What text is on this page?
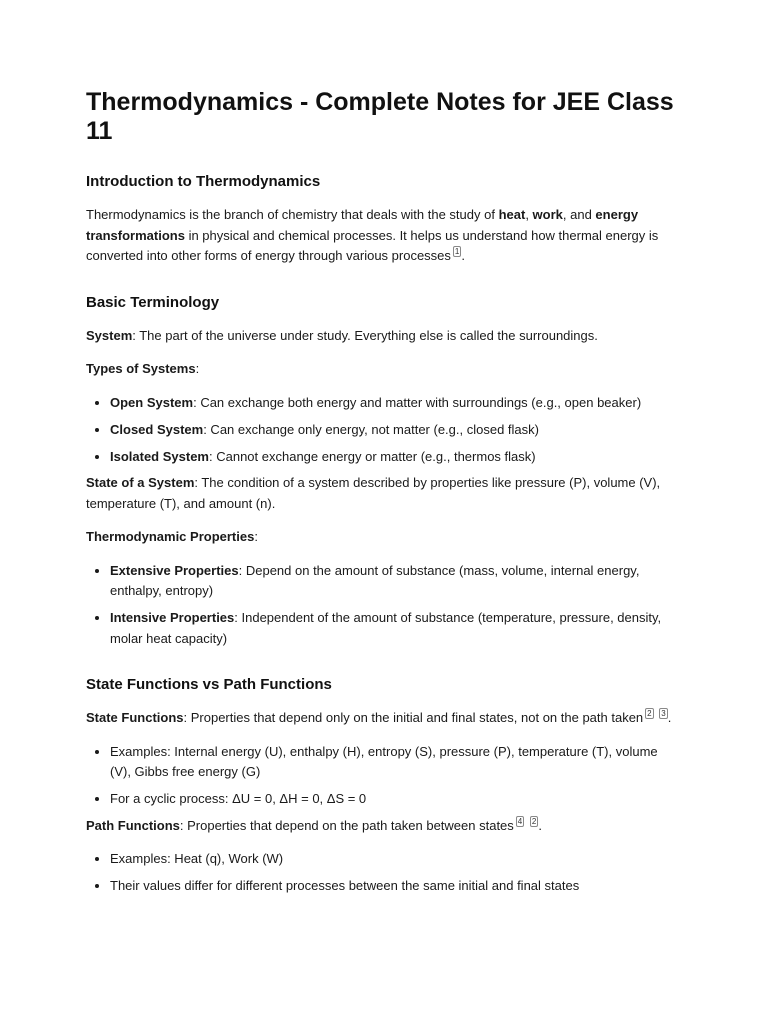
Thermodynamics - Complete Notes for JEE Class 11
Introduction to Thermodynamics

Thermodynamics is the branch of chemistry that deals with the study of heat, work, and energy transformations in physical and chemical processes. It helps us understand how thermal energy is converted into other forms of energy through various processes $^1$ .

Basic Terminology

System: The part of the universe under study. Everything else is called the surroundings.

Types of Systems:

Open System: Can exchange both energy and matter with surroundings (e.g., open beaker)
Closed System: Can exchange only energy, not matter (e.g., closed flask)
Isolated System: Cannot exchange energy or matter (e.g., thermos flask)

State of a System: The condition of a system described by properties like pressure (P), volume (V), temperature (T), and amount (n).

Thermodynamic Properties:

Extensive Properties: Depend on the amount of substance (mass, volume, internal energy, enthalpy, entropy)
Intensive Properties: Independent of the amount of substance (temperature, pressure, density, molar heat capacity)
State Functions vs Path Functions

State Functions: Properties that depend only on the initial and final states, not on the path taken $^2$ $^3$ .

Examples: Internal energy (U), enthalpy (H), entropy (S), pressure (P), temperature (T), volume (V), Gibbs free energy (G)
For a cyclic process: ΔU = 0, ΔH = 0, ΔS = 0

Path Functions: Properties that depend on the path taken between states $^4$ $^2$ .

Examples: Heat (q), Work (W)
Their values differ for different processes between the same initial and final states
